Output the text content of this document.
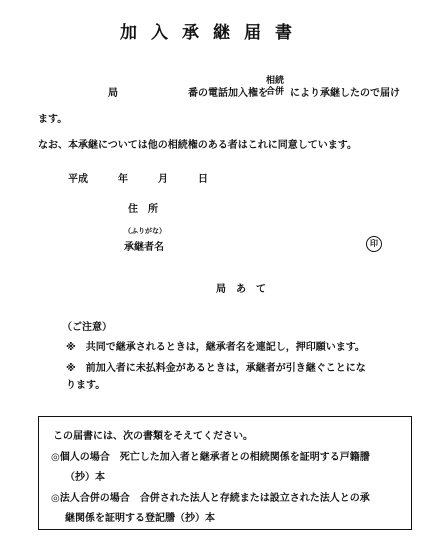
加入承継届書
局	番の電話加入権を
相続
合併 により承継したので届け
ます。
なお、本承継については他の相続権のある者はこれに同意しています。
平成	年	月	日
住　所
（ふりがな）
承継者名	印
局　あ　て
（ご注意）
※　共同で継承されるときは，継承者名を連記し，押印願います。
※　前加入者に未払料金があるときは，承継者が引き継ぐことにな
ります。
この届書には、次の書類をそえてください。
◎個人の場合　死亡した加入者と継承者との相続関係を証明する戸籍謄
（抄）本
◎法人合併の場合　合併された法人と存続または設立された法人との承
継関係を証明する登記謄（抄）本
